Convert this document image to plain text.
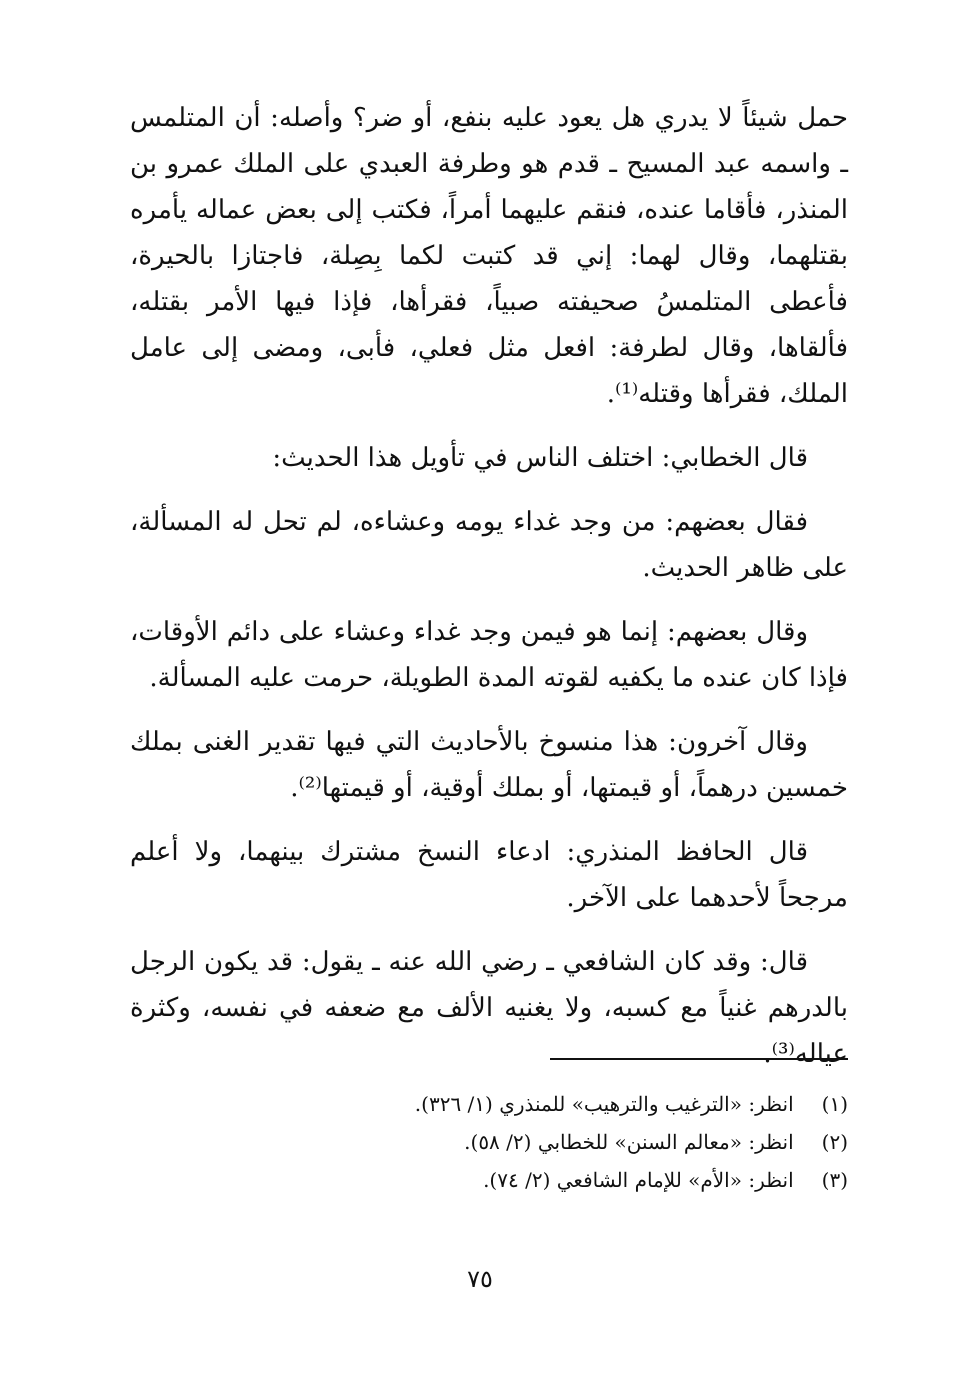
حمل شيئاً لا يدري هل يعود عليه بنفع، أو ضر؟ وأصله: أن المتلمس ـ واسمه عبد المسيح ـ قدم هو وطرفة العبدي على الملك عمرو بن المنذر، فأقاما عنده، فنقم عليهما أمراً، فكتب إلى بعض عماله يأمره بقتلهما، وقال لهما: إني قد كتبت لكما بِصِلة، فاجتازا بالحيرة، فأعطى المتلمسُ صحيفته صبياً، فقرأها، فإذا فيها الأمر بقتله، فألقاها، وقال لطرفة: افعل مثل فعلي، فأبى، ومضى إلى عامل الملك، فقرأها وقتله⁽¹⁾.

قال الخطابي: اختلف الناس في تأويل هذا الحديث:

فقال بعضهم: من وجد غداء يومه وعشاءه، لم تحل له المسألة، على ظاهر الحديث.

وقال بعضهم: إنما هو فيمن وجد غداء وعشاء على دائم الأوقات، فإذا كان عنده ما يكفيه لقوته المدة الطويلة، حرمت عليه المسألة.

وقال آخرون: هذا منسوخ بالأحاديث التي فيها تقدير الغنى بملك خمسين درهماً، أو قيمتها، أو بملك أوقية، أو قيمتها⁽²⁾.

قال الحافظ المنذري: ادعاء النسخ مشترك بينهما، ولا أعلم مرجحاً لأحدهما على الآخر.

قال: وقد كان الشافعي ـ رضي الله عنه ـ يقول: قد يكون الرجل بالدرهم غنياً مع كسبه، ولا يغنيه الألف مع ضعفه في نفسه، وكثرة عياله⁽³⁾.

(١) انظر: «الترغيب والترهيب» للمنذري (١/ ٣٢٦).

(٢) انظر: «معالم السنن» للخطابي (٢/ ٥٨).

(٣) انظر: «الأم» للإمام الشافعي (٢/ ٧٤).

٧٥
